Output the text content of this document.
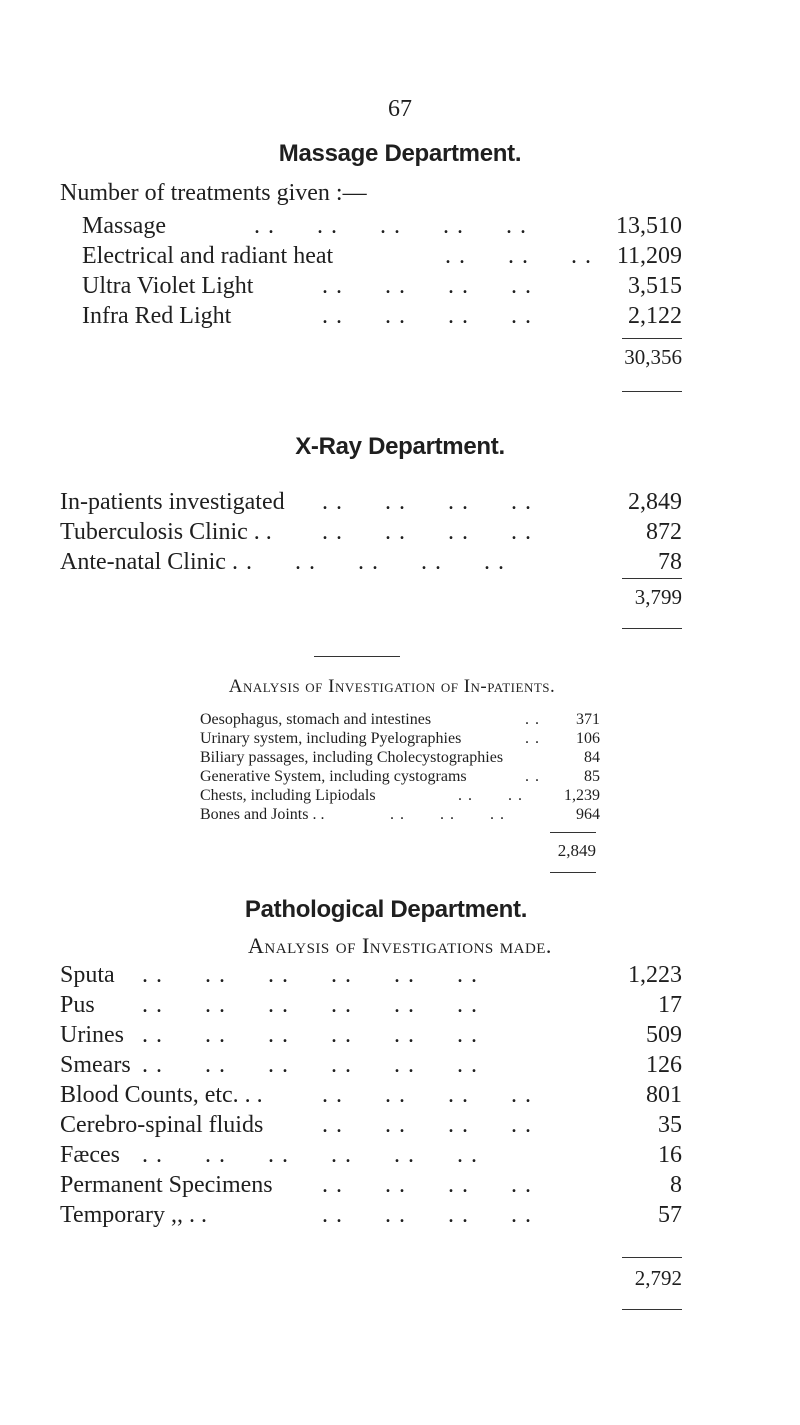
67
Massage Department.
Number of treatments given :—
Massage	. .      . .      . .      . .      . .	13,510
Electrical and radiant heat	. .      . .      . . 11,209
Ultra Violet Light	. .      . .      . .      . .	3,515
Infra Red Light	. .      . .      . .      . .	2,122
30,356
X-Ray Department.
In-patients investigated . .      . .      . .      . .	2,849
Tuberculosis Clinic . . . .      . .      . .      . .	872
Ante-natal Clinic . .      . .      . .      . .      . .	78
3,799
Analysis of Investigation of In-patients.
Oesophagus, stomach and intestines	. . 371
Urinary system, including Pyelographies	. . 106
Biliary passages, including Cholecystographies	84
Generative System, including cystograms	. .	85
Chests, including Lipiodals	. .       . .	1,239
Bones and Joints . .	. .       . .       . .	964
2,849
Pathological Department.
Analysis of Investigations made.
Sputa . .      . .      . .      . .      . .      . .	1,223
Pus . .      . .      . .      . .      . .      . .	17
Urines . .      . .      . .      . .      . .      . .	509
Smears . .      . .      . .      . .      . .      . .	126
Blood Counts, etc. . . . .      . .      . .      . .	801
Cerebro-spinal fluids . .      . .      . .      . .	35
Fæces . .      . .      . .      . .      . .      . .	16
Permanent Specimens . .      . .      . .      . .	8
Temporary ,, . .	. .      . .      . .      . .	57
2,792
